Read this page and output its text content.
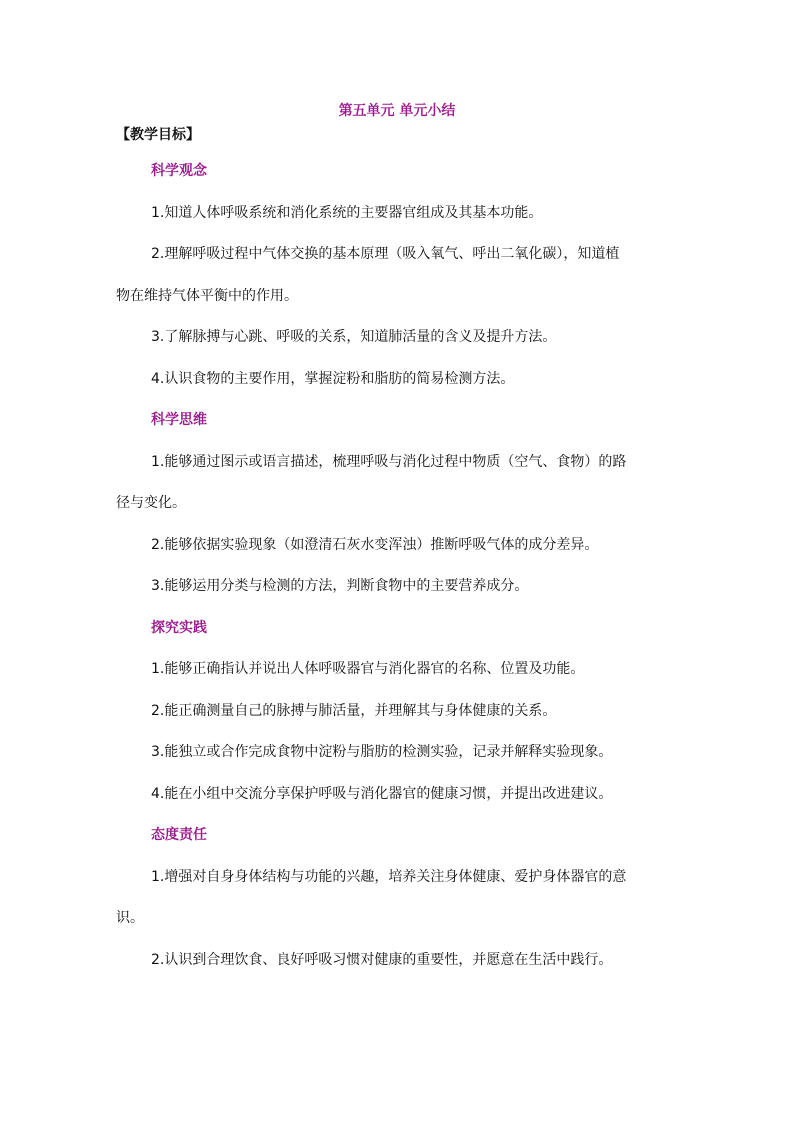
第五单元 单元小结
【教学目标】
科学观念
1.知道人体呼吸系统和消化系统的主要器官组成及其基本功能。
2.理解呼吸过程中气体交换的基本原理（吸入氧气、呼出二氧化碳），知道植
物在维持气体平衡中的作用。
3.了解脉搏与心跳、呼吸的关系，知道肺活量的含义及提升方法。
4.认识食物的主要作用，掌握淀粉和脂肪的简易检测方法。
科学思维
1.能够通过图示或语言描述，梳理呼吸与消化过程中物质（空气、食物）的路
径与变化。
2.能够依据实验现象（如澄清石灰水变浑浊）推断呼吸气体的成分差异。
3.能够运用分类与检测的方法，判断食物中的主要营养成分。
探究实践
1.能够正确指认并说出人体呼吸器官与消化器官的名称、位置及功能。
2.能正确测量自己的脉搏与肺活量，并理解其与身体健康的关系。
3.能独立或合作完成食物中淀粉与脂肪的检测实验，记录并解释实验现象。
4.能在小组中交流分享保护呼吸与消化器官的健康习惯，并提出改进建议。
态度责任
1.增强对自身身体结构与功能的兴趣，培养关注身体健康、爱护身体器官的意
识。
2.认识到合理饮食、良好呼吸习惯对健康的重要性，并愿意在生活中践行。
